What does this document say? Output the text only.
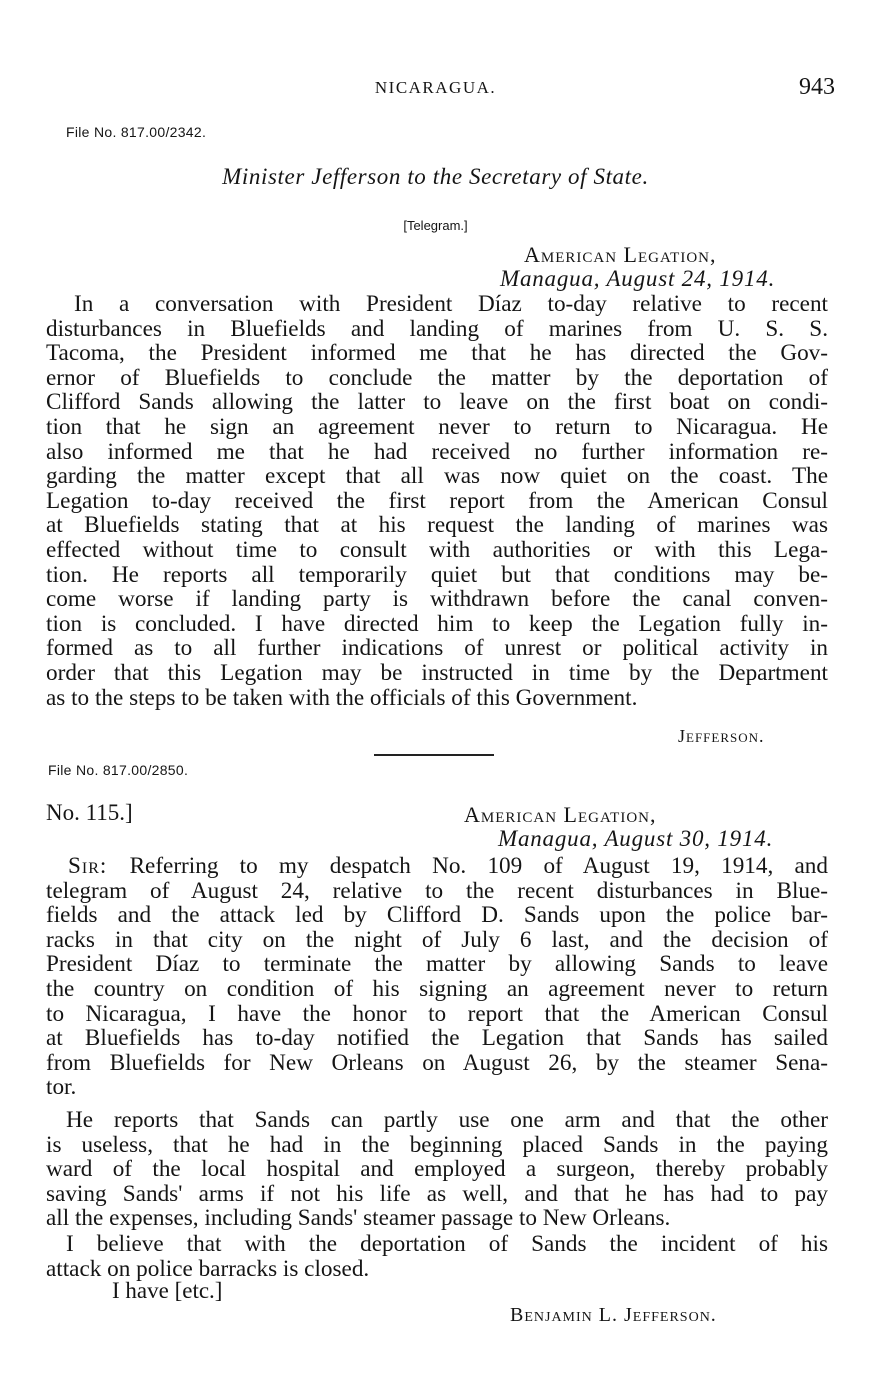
NICARAGUA.	943
File No. 817.00/2342.
Minister Jefferson to the Secretary of State.
[Telegram.]
American Legation,
Managua, August 24, 1914.
In a conversation with President Díaz to-day relative to recent
disturbances in Bluefields and landing of marines from U. S. S.
Tacoma, the President informed me that he has directed the Gov-
ernor of Bluefields to conclude the matter by the deportation of
Clifford Sands allowing the latter to leave on the first boat on condi-
tion that he sign an agreement never to return to Nicaragua. He
also informed me that he had received no further information re-
garding the matter except that all was now quiet on the coast. The
Legation to-day received the first report from the American Consul
at Bluefields stating that at his request the landing of marines was
effected without time to consult with authorities or with this Lega-
tion. He reports all temporarily quiet but that conditions may be-
come worse if landing party is withdrawn before the canal conven-
tion is concluded. I have directed him to keep the Legation fully in-
formed as to all further indications of unrest or political activity in
order that this Legation may be instructed in time by the Department
as to the steps to be taken with the officials of this Government.
Jefferson.
File No. 817.00/2850.
No. 115.]	American Legation,
Managua, August 30, 1914.
Sir: Referring to my despatch No. 109 of August 19, 1914, and
telegram of August 24, relative to the recent disturbances in Blue-
fields and the attack led by Clifford D. Sands upon the police bar-
racks in that city on the night of July 6 last, and the decision of
President Díaz to terminate the matter by allowing Sands to leave
the country on condition of his signing an agreement never to return
to Nicaragua, I have the honor to report that the American Consul
at Bluefields has to-day notified the Legation that Sands has sailed
from Bluefields for New Orleans on August 26, by the steamer Sena-
tor.
He reports that Sands can partly use one arm and that the other
is useless, that he had in the beginning placed Sands in the paying
ward of the local hospital and employed a surgeon, thereby probably
saving Sands' arms if not his life as well, and that he has had to pay
all the expenses, including Sands' steamer passage to New Orleans.
I believe that with the deportation of Sands the incident of his
attack on police barracks is closed.
I have [etc.]
Benjamin L. Jefferson.
